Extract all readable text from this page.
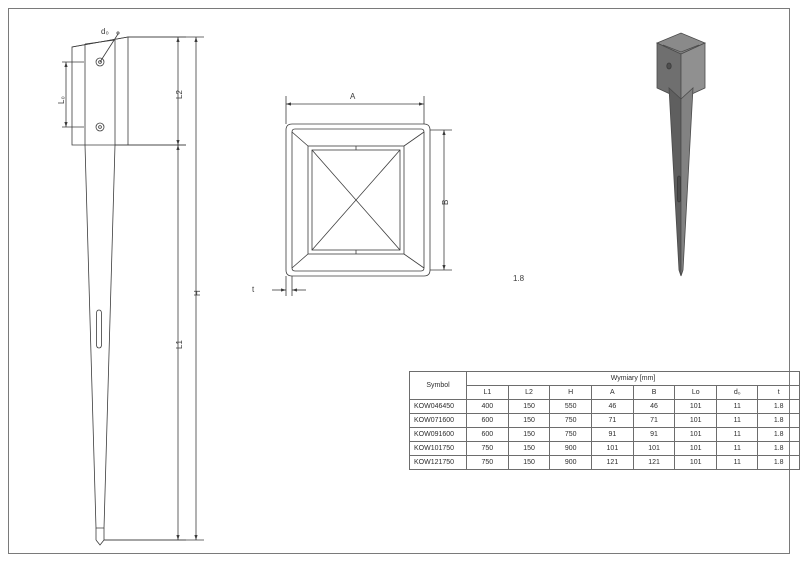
d₀
L₀
L2
L1
H
A
B
t
1.8
Symbol	Wymiary [mm]							
	L1	L2	H	A	B	Lo	d₀	t
KOW046450	400	150	550	46	46	101	11	1.8
KOW071600	600	150	750	71	71	101	11	1.8
KOW091600	600	150	750	91	91	101	11	1.8
KOW101750	750	150	900	101	101	101	11	1.8
KOW121750	750	150	900	121	121	101	11	1.8
